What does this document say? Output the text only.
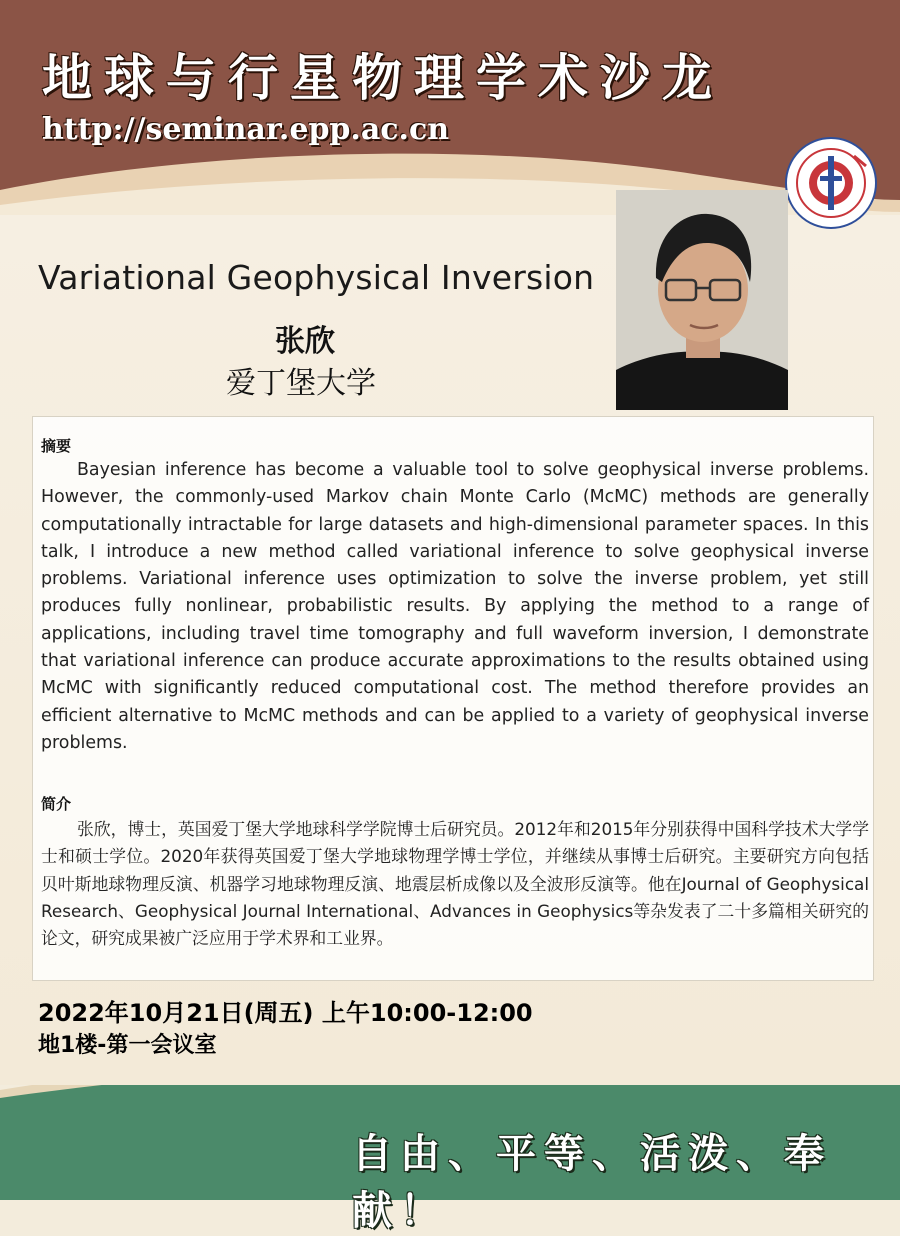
地球与行星物理学术沙龙
http://seminar.epp.ac.cn
Variational Geophysical Inversion
张欣
爱丁堡大学
摘要

Bayesian inference has become a valuable tool to solve geophysical inverse problems. However, the commonly-used Markov chain Monte Carlo (McMC) methods are generally computationally intractable for large datasets and high-dimensional parameter spaces. In this talk, I introduce a new method called variational inference to solve geophysical inverse problems. Variational inference uses optimization to solve the inverse problem, yet still produces fully nonlinear, probabilistic results. By applying the method to a range of applications, including travel time tomography and full waveform inversion, I demonstrate that variational inference can produce accurate approximations to the results obtained using McMC with significantly reduced computational cost. The method therefore provides an efficient alternative to McMC methods and can be applied to a variety of geophysical inverse problems.

简介

张欣，博士，英国爱丁堡大学地球科学学院博士后研究员。2012年和2015年分别获得中国科学技术大学学士和硕士学位。2020年获得英国爱丁堡大学地球物理学博士学位，并继续从事博士后研究。主要研究方向包括贝叶斯地球物理反演、机器学习地球物理反演、地震层析成像以及全波形反演等。他在Journal of Geophysical Research、Geophysical Journal International、Advances in Geophysics等杂发表了二十多篇相关研究的论文，研究成果被广泛应用于学术界和工业界。

2022年10月21日(周五) 上午10:00-12:00
地1楼-第一会议室
自由、平等、活泼、奉献！
